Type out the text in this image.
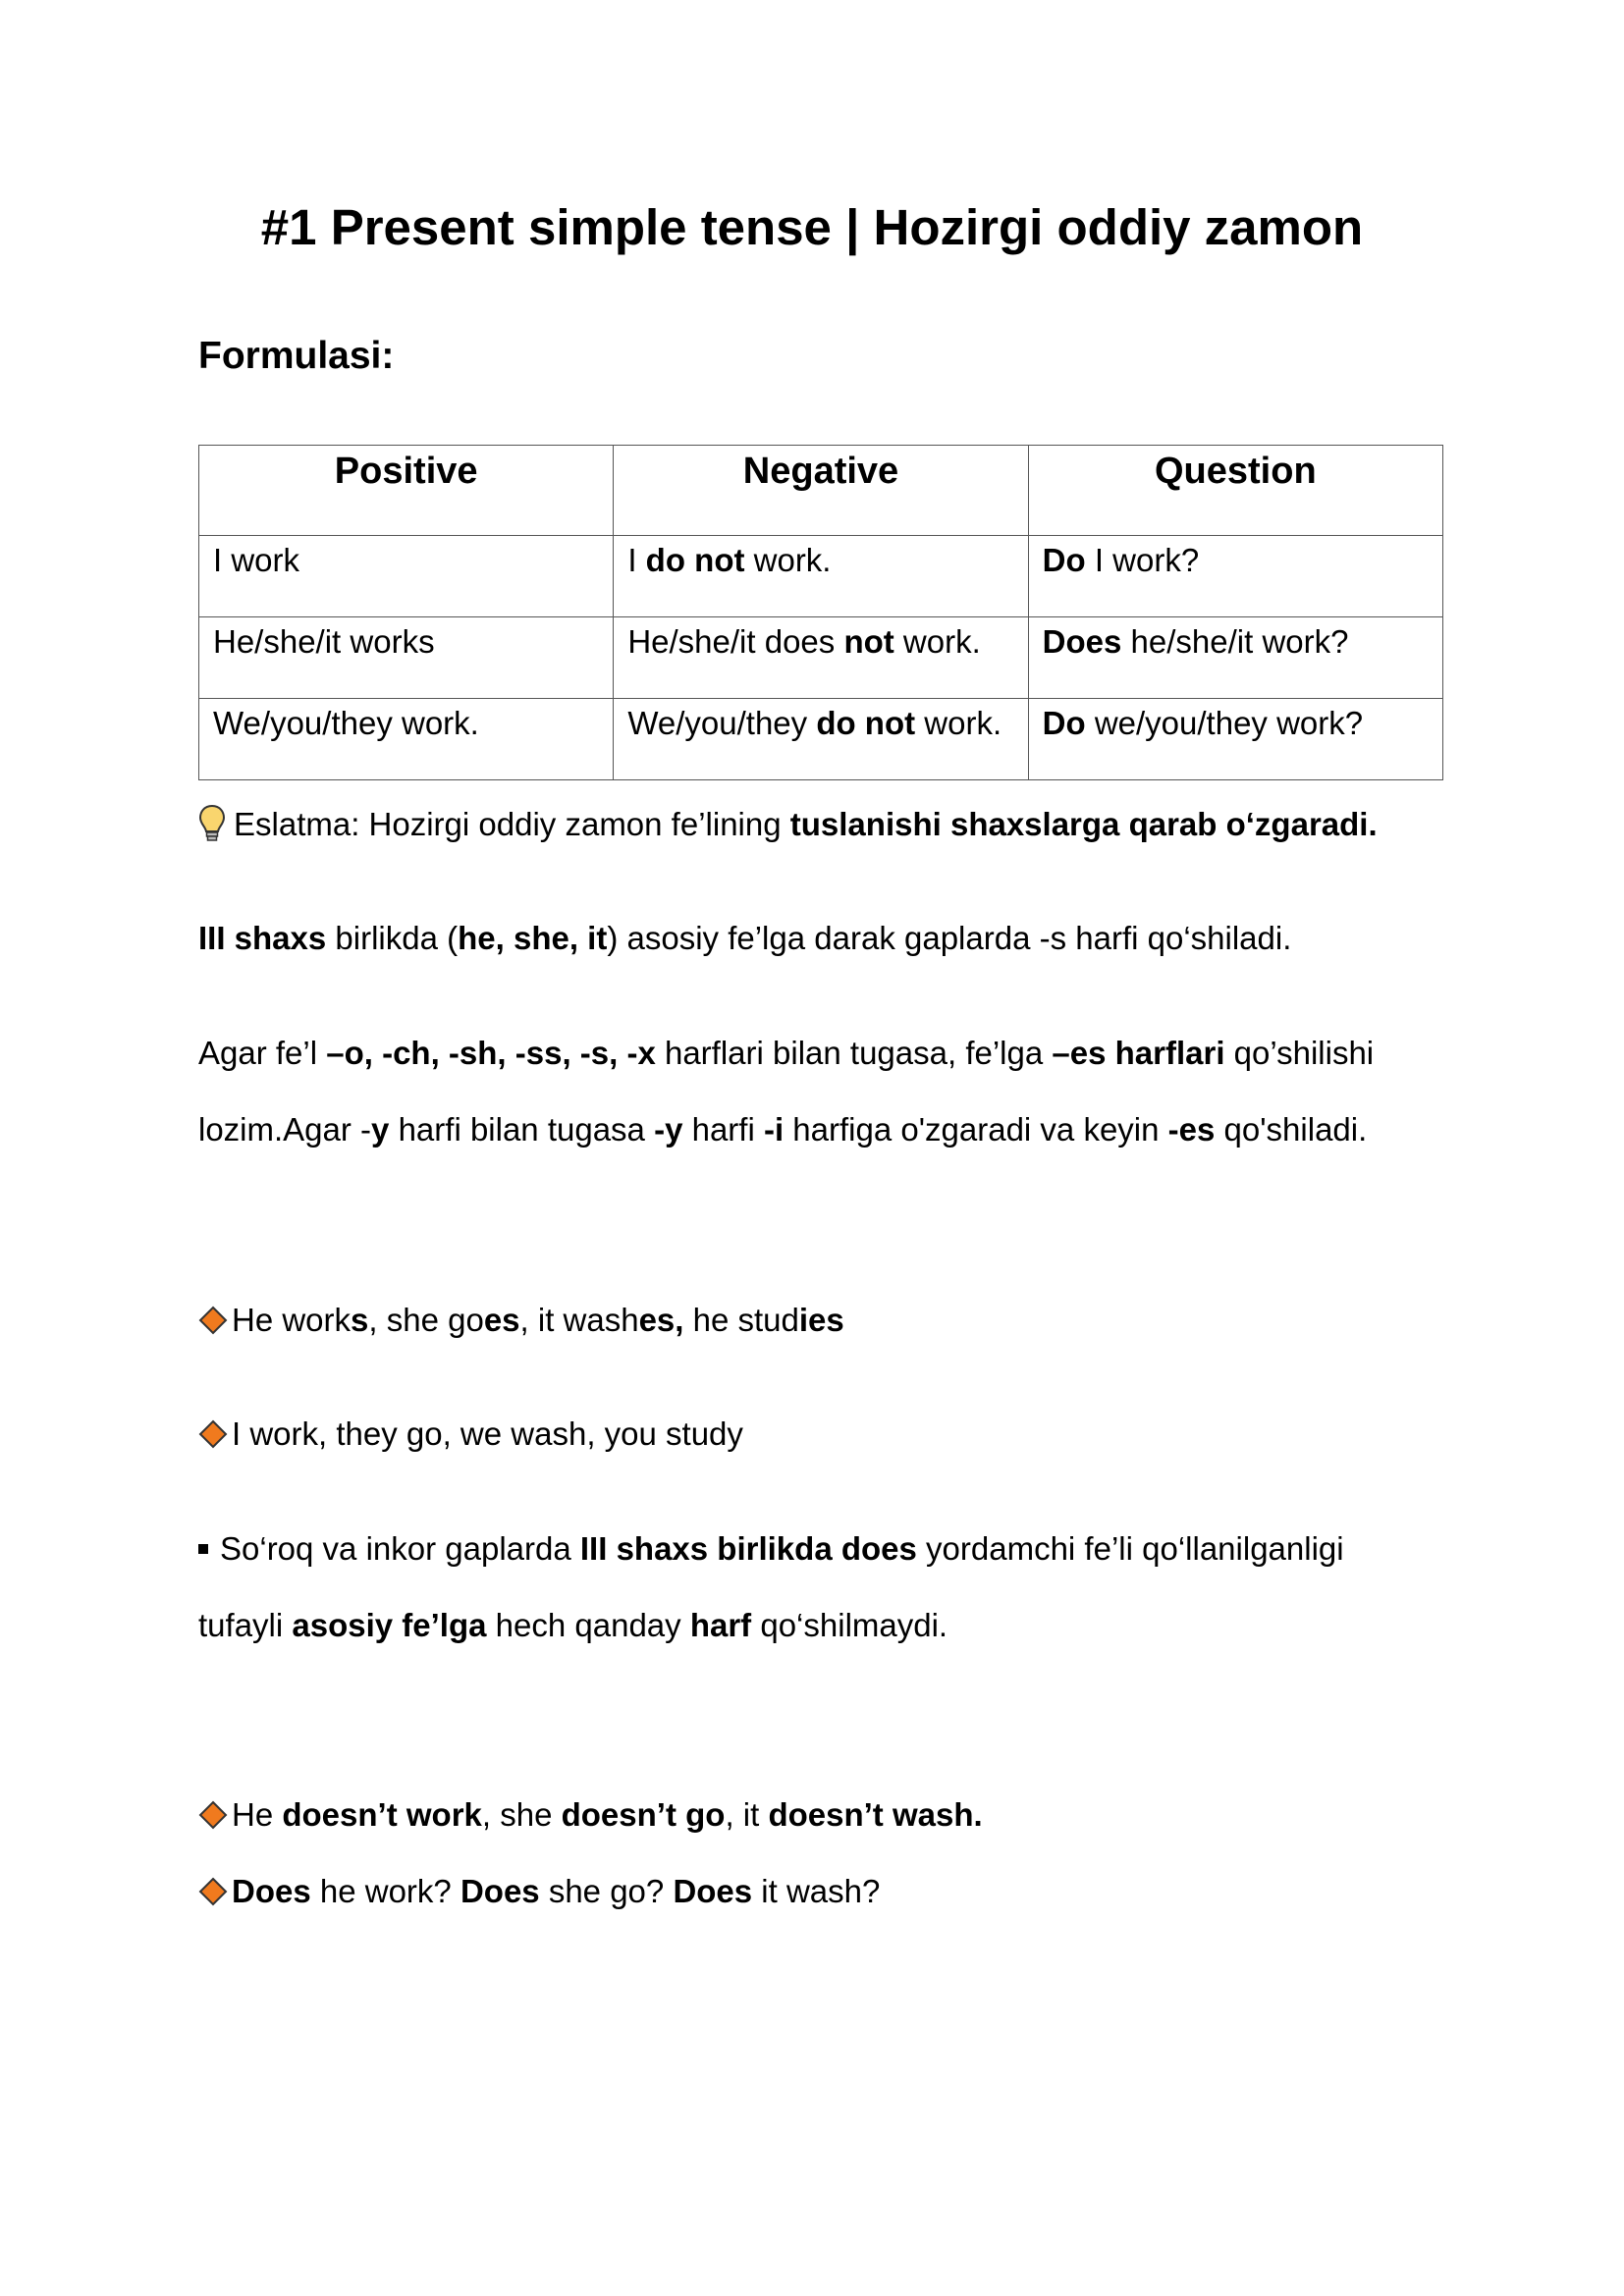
#1 Present simple tense | Hozirgi oddiy zamon
Formulasi:
Positive	Negative	Question
I work	I do not work.	Do I work?
He/she/it works	He/she/it does not work.	Does he/she/it work?
We/you/they work.	We/you/they do not work.	Do we/you/they work?

Eslatma: Hozirgi oddiy zamon fe’lining tuslanishi shaxslarga qarab o‘zgaradi.

III shaxs birlikda (he, she, it) asosiy fe’lga darak gaplarda -s harfi qo‘shiladi.

Agar fe’l –o, -ch, -sh, -ss, -s, -x harflari bilan tugasa, fe’lga –es harflari qo’shilishi

lozim.Agar -y harfi bilan tugasa -y harfi -i harfiga o'zgaradi va keyin -es qo'shiladi.

He works, she goes, it washes, he studies

I work, they go, we wash, you study

So‘roq va inkor gaplarda III shaxs birlikda does yordamchi fe’li qo‘llanilganligi

tufayli asosiy fe’lga hech qanday harf qo‘shilmaydi.

He doesn’t work, she doesn’t go, it doesn’t wash.

Does he work? Does she go? Does it wash?
